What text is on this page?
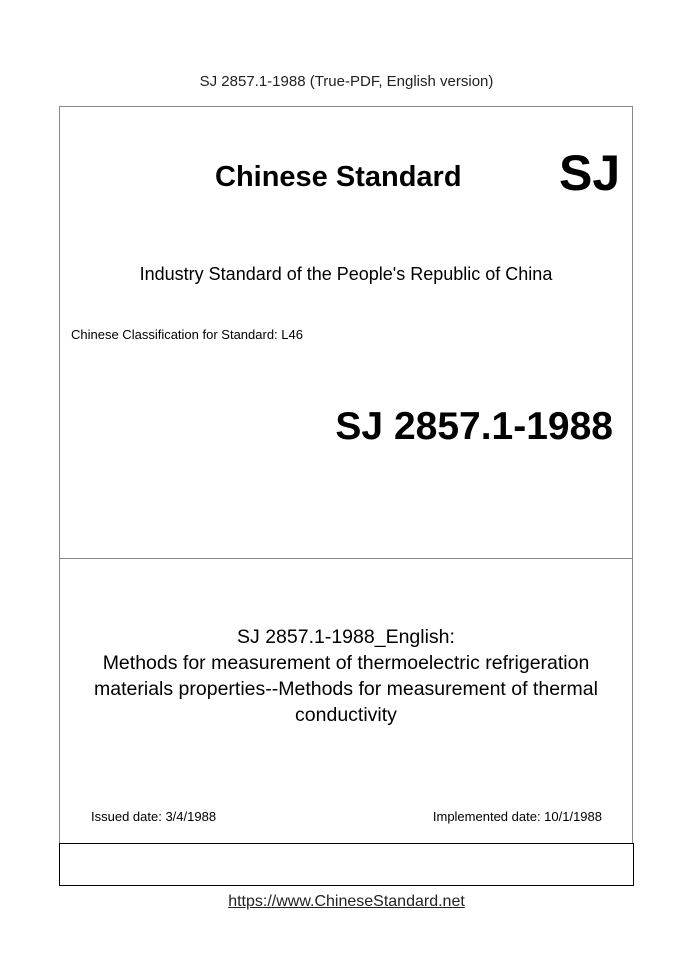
SJ 2857.1-1988 (True-PDF, English version)
Chinese Standard SJ
Industry Standard of the People's Republic of China
Chinese Classification for Standard: L46
SJ 2857.1-1988
SJ 2857.1-1988_English:
Methods for measurement of thermoelectric refrigeration
materials properties--Methods for measurement of thermal
conductivity
Issued date: 3/4/1988	Implemented date: 10/1/1988
https://www.ChineseStandard.net
